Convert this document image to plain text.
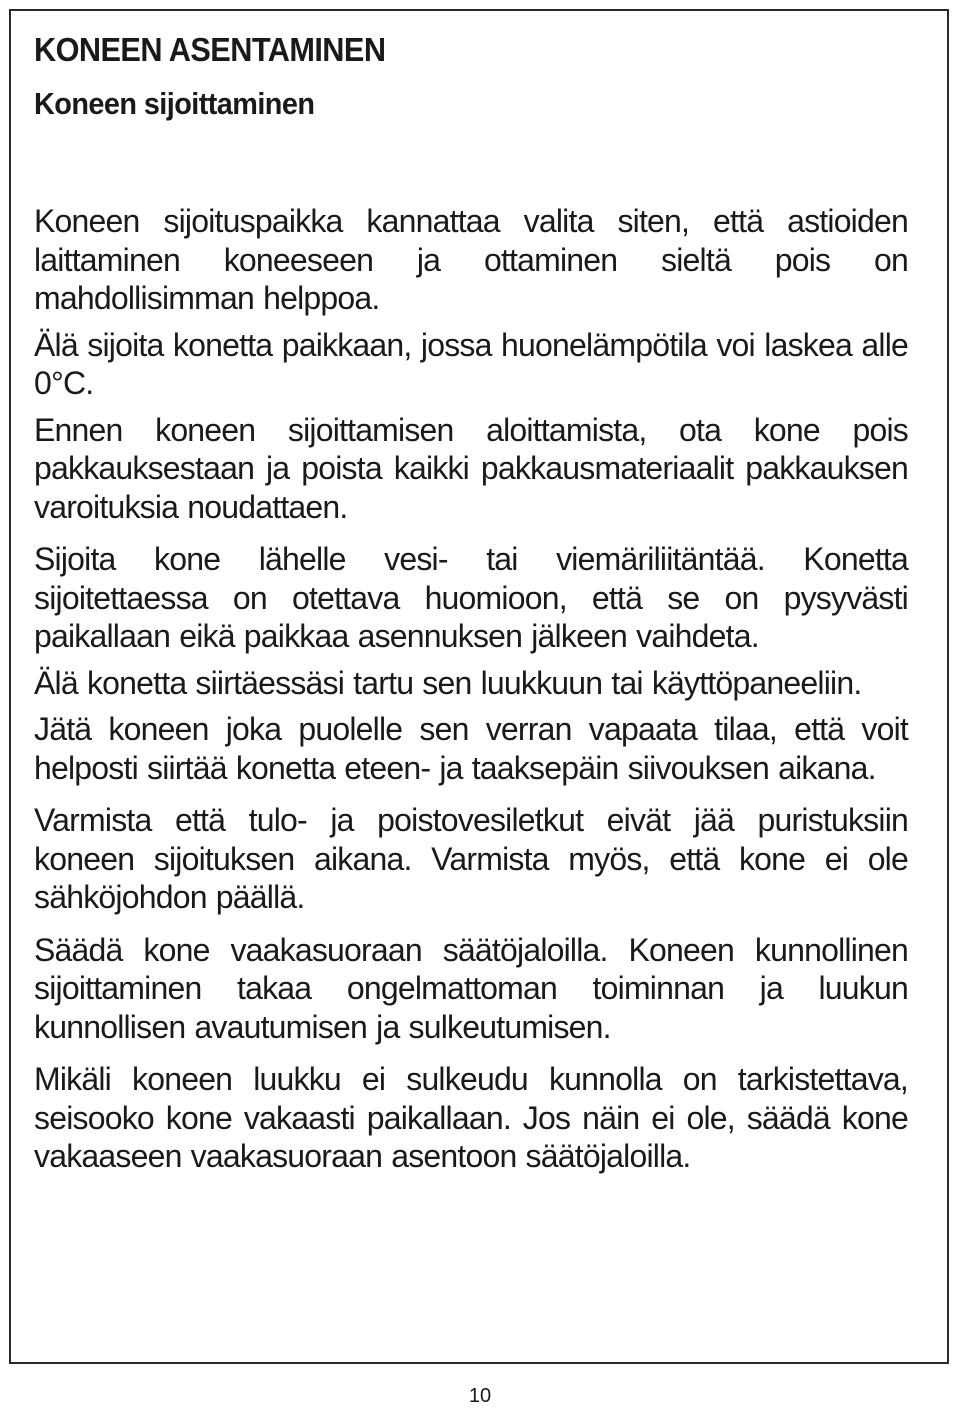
KONEEN ASENTAMINEN
Koneen sijoittaminen

Koneen sijoituspaikka kannattaa valita siten, että astioiden laittaminen koneeseen ja ottaminen sieltä pois on mahdollisimman helppoa.

Älä sijoita konetta paikkaan, jossa huonelämpötila voi laskea alle 0°C.

Ennen koneen sijoittamisen aloittamista, ota kone pois pakkauksestaan ja poista kaikki pakkausmateriaalit pakkauksen varoituksia noudattaen.

Sijoita kone lähelle vesi- tai viemäriliitäntää. Konetta sijoitettaessa on otettava huomioon, että se on pysyvästi paikallaan eikä paikkaa asennuksen jälkeen vaihdeta.

Älä konetta siirtäessäsi tartu sen luukkuun tai käyttöpaneeliin.

Jätä koneen joka puolelle sen verran vapaata tilaa, että voit helposti siirtää konetta eteen- ja taaksepäin siivouksen aikana.

Varmista että tulo- ja poistovesiletkut eivät jää puristuksiin koneen sijoituksen aikana. Varmista myös, että kone ei ole sähköjohdon päällä.

Säädä kone vaakasuoraan säätöjaloilla. Koneen kunnollinen sijoittaminen takaa ongelmattoman toiminnan ja luukun kunnollisen avautumisen ja sulkeutumisen.

Mikäli koneen luukku ei sulkeudu kunnolla on tarkistettava, seisooko kone vakaasti paikallaan. Jos näin ei ole, säädä kone vakaaseen vaakasuoraan asentoon säätöjaloilla.

10
